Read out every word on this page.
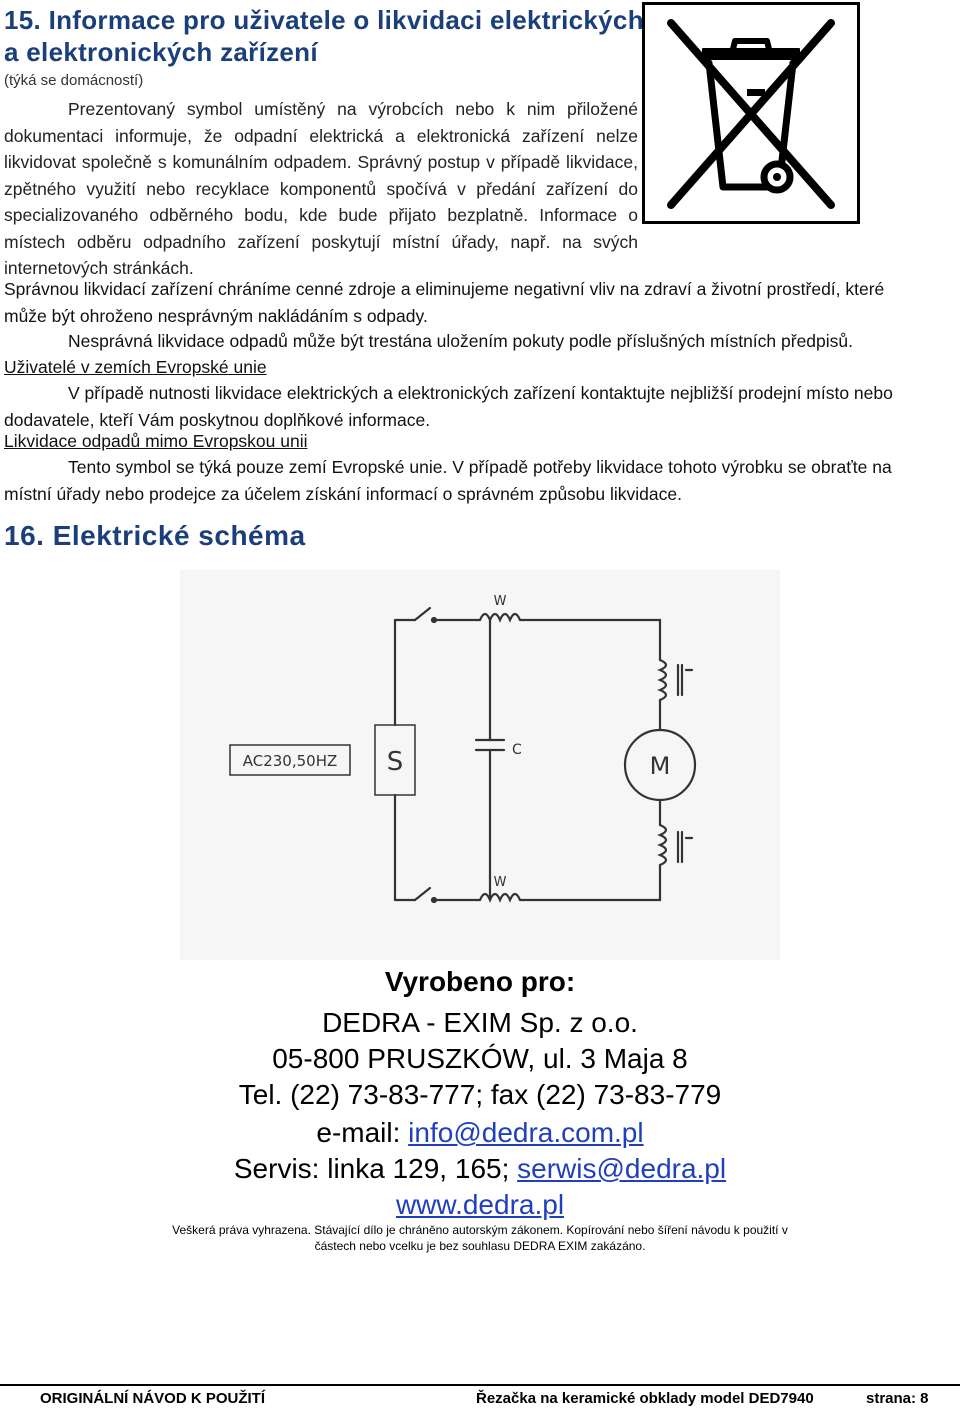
15. Informace pro uživatele o likvidaci elektrických
a elektronických zařízení
(týká se domácností)
Prezentovaný symbol umístěný na výrobcích nebo k nim přiložené dokumentaci informuje, že odpadní elektrická a elektronická zařízení nelze likvidovat společně s komunálním odpadem. Správný postup v případě likvidace, zpětného využití nebo recyklace komponentů spočívá v předání zařízení do specializovaného odběrného bodu, kde bude přijato bezplatně. Informace o místech odběru odpadního zařízení poskytují místní úřady, např. na svých internetových stránkách.
Správnou likvidací zařízení chráníme cenné zdroje a eliminujeme negativní vliv na zdraví a životní prostředí, které může být ohroženo nesprávným nakládáním s odpady.
Nesprávná likvidace odpadů může být trestána uložením pokuty podle příslušných místních předpisů.
Uživatelé v zemích Evropské unie
V případě nutnosti likvidace elektrických a elektronických zařízení kontaktujte nejbližší prodejní místo nebo dodavatele, kteří Vám poskytnou doplňkové informace.
Likvidace odpadů mimo Evropskou unii
Tento symbol se týká pouze zemí Evropské unie. V případě potřeby likvidace tohoto výrobku se obraťte na místní úřady nebo prodejce za účelem získání informací o správném způsobu likvidace.
16. Elektrické schéma
AC230,50HZ S	C
M
W
W
Vyrobeno pro:
DEDRA - EXIM Sp. z o.o.
05-800 PRUSZKÓW, ul. 3 Maja 8
Tel. (22) 73-83-777; fax (22) 73-83-779
e-mail: info@dedra.com.pl
Servis: linka 129, 165; serwis@dedra.pl
www.dedra.pl
Veškerá práva vyhrazena. Stávající dílo je chráněno autorským zákonem. Kopírování nebo šíření návodu k použití v
částech nebo vcelku je bez souhlasu DEDRA EXIM zakázáno.
ORIGINÁLNÍ NÁVOD K POUŽITÍ	Řezačka na keramické obklady model DED7940	strana: 8
